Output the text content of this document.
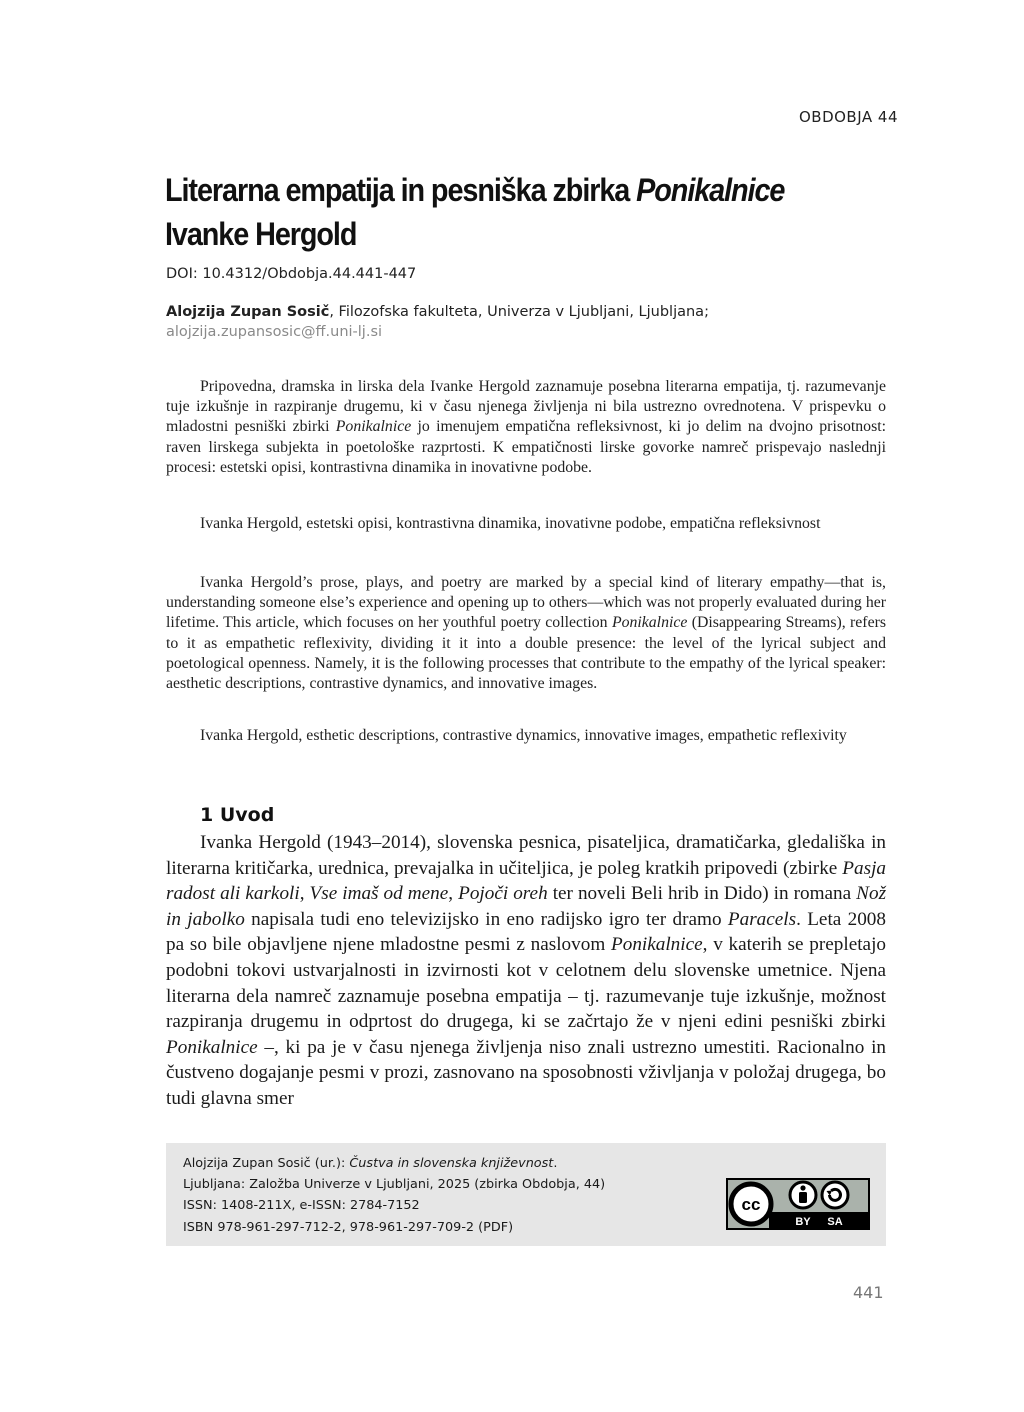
OBDOBJA 44
Literarna empatija in pesniška zbirka Ponikalnice Ivanke Hergold
DOI: 10.4312/Obdobja.44.441-447
Alojzija Zupan Sosič, Filozofska fakulteta, Univerza v Ljubljani, Ljubljana;
alojzija.zupansosic@ff.uni-lj.si

Pripovedna, dramska in lirska dela Ivanke Hergold zaznamuje posebna literarna empatija, tj. razumevanje tuje izkušnje in razpiranje drugemu, ki v času njenega življenja ni bila ustrezno ovrednotena. V prispevku o mladostni pesniški zbirki Ponikalnice jo imenujem empatična refleksivnost, ki jo delim na dvojno prisotnost: raven lirskega subjekta in poetološke razprtosti. K empatičnosti lirske govorke namreč prispevajo naslednji procesi: estetski opisi, kontrastivna dinamika in inovativne podobe.

Ivanka Hergold, estetski opisi, kontrastivna dinamika, inovativne podobe, empatična refleksivnost

Ivanka Hergold’s prose, plays, and poetry are marked by a special kind of literary empathy—that is, understanding someone else’s experience and opening up to others—which was not properly evaluated during her lifetime. This article, which focuses on her youthful poetry collection Ponikalnice (Disappearing Streams), refers to it as empathetic reflexivity, dividing it it into a double presence: the level of the lyrical subject and poetological openness. Namely, it is the following processes that contribute to the empathy of the lyrical speaker: aesthetic descriptions, contrastive dynamics, and innovative images.

Ivanka Hergold, esthetic descriptions, contrastive dynamics, innovative images, empathetic reflexivity

1 Uvod

Ivanka Hergold (1943–2014), slovenska pesnica, pisateljica, dramatičarka, gledališka in literarna kritičarka, urednica, prevajalka in učiteljica, je poleg kratkih pripovedi (zbirke Pasja radost ali karkoli, Vse imaš od mene, Pojoči oreh ter noveli Beli hrib in Dido) in romana Nož in jabolko napisala tudi eno televizijsko in eno radijsko igro ter dramo Paracels. Leta 2008 pa so bile objavljene njene mladostne pesmi z naslovom Ponikalnice, v katerih se prepletajo podobni tokovi ustvarjalnosti in izvirnosti kot v celotnem delu slovenske umetnice. Njena literarna dela namreč zaznamuje posebna empatija – tj. razumevanje tuje izkušnje, možnost razpiranja drugemu in odprtost do drugega, ki se začrtajo že v njeni edini pesniški zbirki Ponikalnice –, ki pa je v času njenega življenja niso znali ustrezno umestiti. Racionalno in čustveno dogajanje pesmi v prozi, zasnovano na sposobnosti vživljanja v položaj drugega, bo tudi glavna smer

Alojzija Zupan Sosič (ur.): Čustva in slovenska književnost.
Ljubljana: Založba Univerze v Ljubljani, 2025 (zbirka Obdobja, 44)
ISSN: 1408-211X, e-ISSN: 2784-7152
ISBN 978-961-297-712-2, 978-961-297-709-2 (PDF)
cc
BY SA
441
